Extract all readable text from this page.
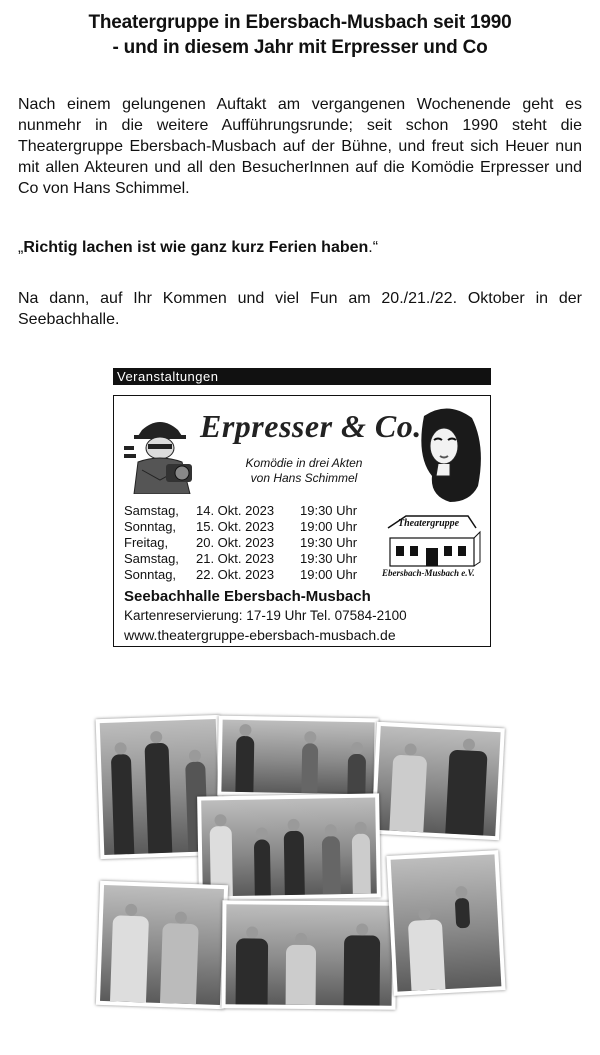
Theatergruppe in Ebersbach-Musbach seit 1990
- und in diesem Jahr mit Erpresser und Co
Nach einem gelungenen Auftakt am vergangenen Wochenende geht es nunmehr in die weitere Aufführungsrunde; seit schon 1990 steht die Theatergruppe Ebersbach-Musbach auf der Bühne, und freut sich Heuer nun mit allen Akteuren und all den BesucherInnen auf die Komödie Erpresser und Co von Hans Schimmel.
„Richtig lachen ist wie ganz kurz Ferien haben.“
Na dann, auf Ihr Kommen und viel Fun am 20./21./22. Oktober in der Seebachhalle.
Veranstaltungen
Erpresser & Co.
Komödie in drei Akten
von Hans Schimmel
Samstag,	14. Okt. 2023	19:30 Uhr
Sonntag,	15. Okt. 2023	19:00 Uhr
Freitag,	20. Okt. 2023	19:30 Uhr
Samstag,	21. Okt. 2023	19:30 Uhr
Sonntag,	22. Okt. 2023	19:00 Uhr
Theatergruppe
Ebersbach-Musbach e.V.
Seebachhalle Ebersbach-Musbach
Kartenreservierung: 17-19 Uhr Tel. 07584-2100
www.theatergruppe-ebersbach-musbach.de
